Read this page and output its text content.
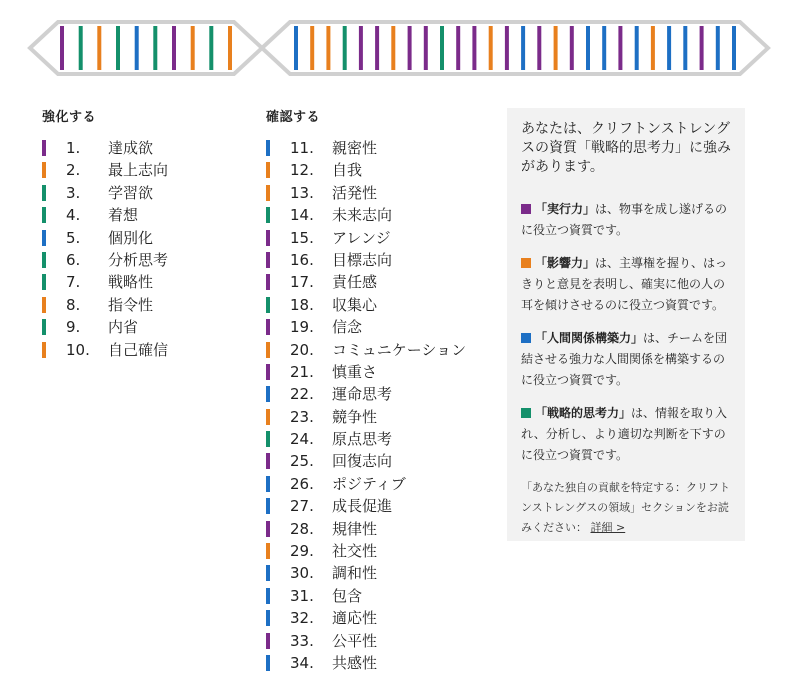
強化する
1. 達成欲
2. 最上志向
3. 学習欲
4. 着想
5. 個別化
6. 分析思考
7. 戦略性
8. 指令性
9. 内省
10. 自己確信
確認する
11. 親密性
12. 自我
13. 活発性
14. 未来志向
15. アレンジ
16. 目標志向
17. 責任感
18. 収集心
19. 信念
20. コミュニケーション
21. 慎重さ
22. 運命思考
23. 競争性
24. 原点思考
25. 回復志向
26. ポジティブ
27. 成長促進
28. 規律性
29. 社交性
30. 調和性
31. 包含
32. 適応性
33. 公平性
34. 共感性

あなたは、クリフトンストレングスの資質「戦略的思考力」に強みがあります。

「実行力」は、物事を成し遂げるのに役立つ資質です。
「影響力」は、主導権を握り、はっきりと意見を表明し、確実に他の人の耳を傾けさせるのに役立つ資質です。
「人間関係構築力」は、チームを団結させる強力な人間関係を構築するのに役立つ資質です。
「戦略的思考力」は、情報を取り入れ、分析し、より適切な判断を下すのに役立つ資質です。
「あなた独自の貢献を特定する：クリフトンストレングスの領域」セクションをお読みください： 詳細 >
